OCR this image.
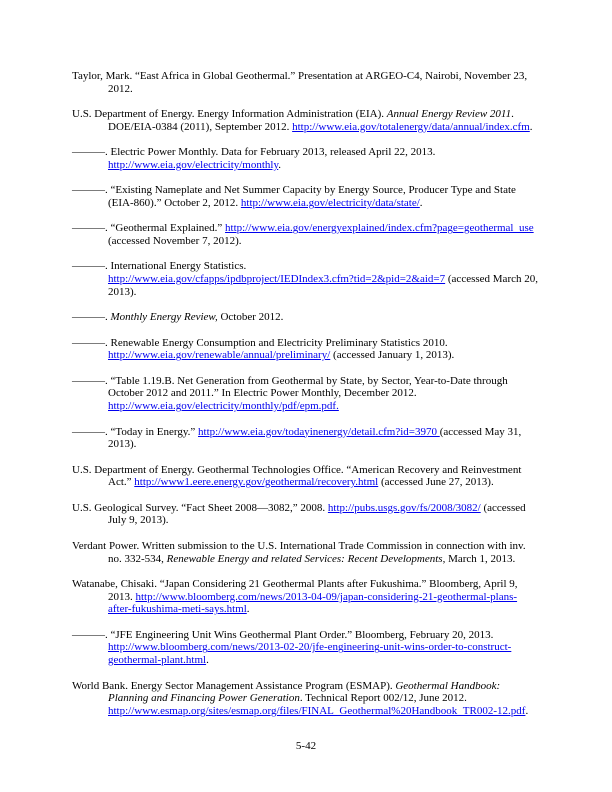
Taylor, Mark. “East Africa in Global Geothermal.” Presentation at ARGEO-C4, Nairobi, November 23,
2012.
U.S. Department of Energy. Energy Information Administration (EIA). Annual Energy Review 2011.
DOE/EIA-0384 (2011), September 2012. http://www.eia.gov/totalenergy/data/annual/index.cfm.
———. Electric Power Monthly. Data for February 2013, released April 22, 2013.
http://www.eia.gov/electricity/monthly.
———. “Existing Nameplate and Net Summer Capacity by Energy Source, Producer Type and State
(EIA-860).” October 2, 2012. http://www.eia.gov/electricity/data/state/.
———. “Geothermal Explained.” http://www.eia.gov/energyexplained/index.cfm?page=geothermal_use
(accessed November 7, 2012).
———. International Energy Statistics.
http://www.eia.gov/cfapps/ipdbproject/IEDIndex3.cfm?tid=2&pid=2&aid=7 (accessed March 20,
2013).
———. Monthly Energy Review, October 2012.
———. Renewable Energy Consumption and Electricity Preliminary Statistics 2010.
http://www.eia.gov/renewable/annual/preliminary/ (accessed January 1, 2013).
———. “Table 1.19.B. Net Generation from Geothermal by State, by Sector, Year-to-Date through
October 2012 and 2011.” In Electric Power Monthly, December 2012.
http://www.eia.gov/electricity/monthly/pdf/epm.pdf.
———. “Today in Energy.” http://www.eia.gov/todayinenergy/detail.cfm?id=3970 (accessed May 31,
2013).
U.S. Department of Energy. Geothermal Technologies Office. “American Recovery and Reinvestment
Act.” http://www1.eere.energy.gov/geothermal/recovery.html (accessed June 27, 2013).
U.S. Geological Survey. “Fact Sheet 2008—3082,” 2008. http://pubs.usgs.gov/fs/2008/3082/ (accessed
July 9, 2013).
Verdant Power. Written submission to the U.S. International Trade Commission in connection with inv.
no. 332-534, Renewable Energy and related Services: Recent Developments, March 1, 2013.
Watanabe, Chisaki. “Japan Considering 21 Geothermal Plants after Fukushima.” Bloomberg, April 9,
2013. http://www.bloomberg.com/news/2013-04-09/japan-considering-21-geothermal-plans-
after-fukushima-meti-says.html.
———. “JFE Engineering Unit Wins Geothermal Plant Order.” Bloomberg, February 20, 2013.
http://www.bloomberg.com/news/2013-02-20/jfe-engineering-unit-wins-order-to-construct-
geothermal-plant.html.
World Bank. Energy Sector Management Assistance Program (ESMAP). Geothermal Handbook:
Planning and Financing Power Generation. Technical Report 002/12, June 2012.
http://www.esmap.org/sites/esmap.org/files/FINAL_Geothermal%20Handbook_TR002-12.pdf.
5-42
